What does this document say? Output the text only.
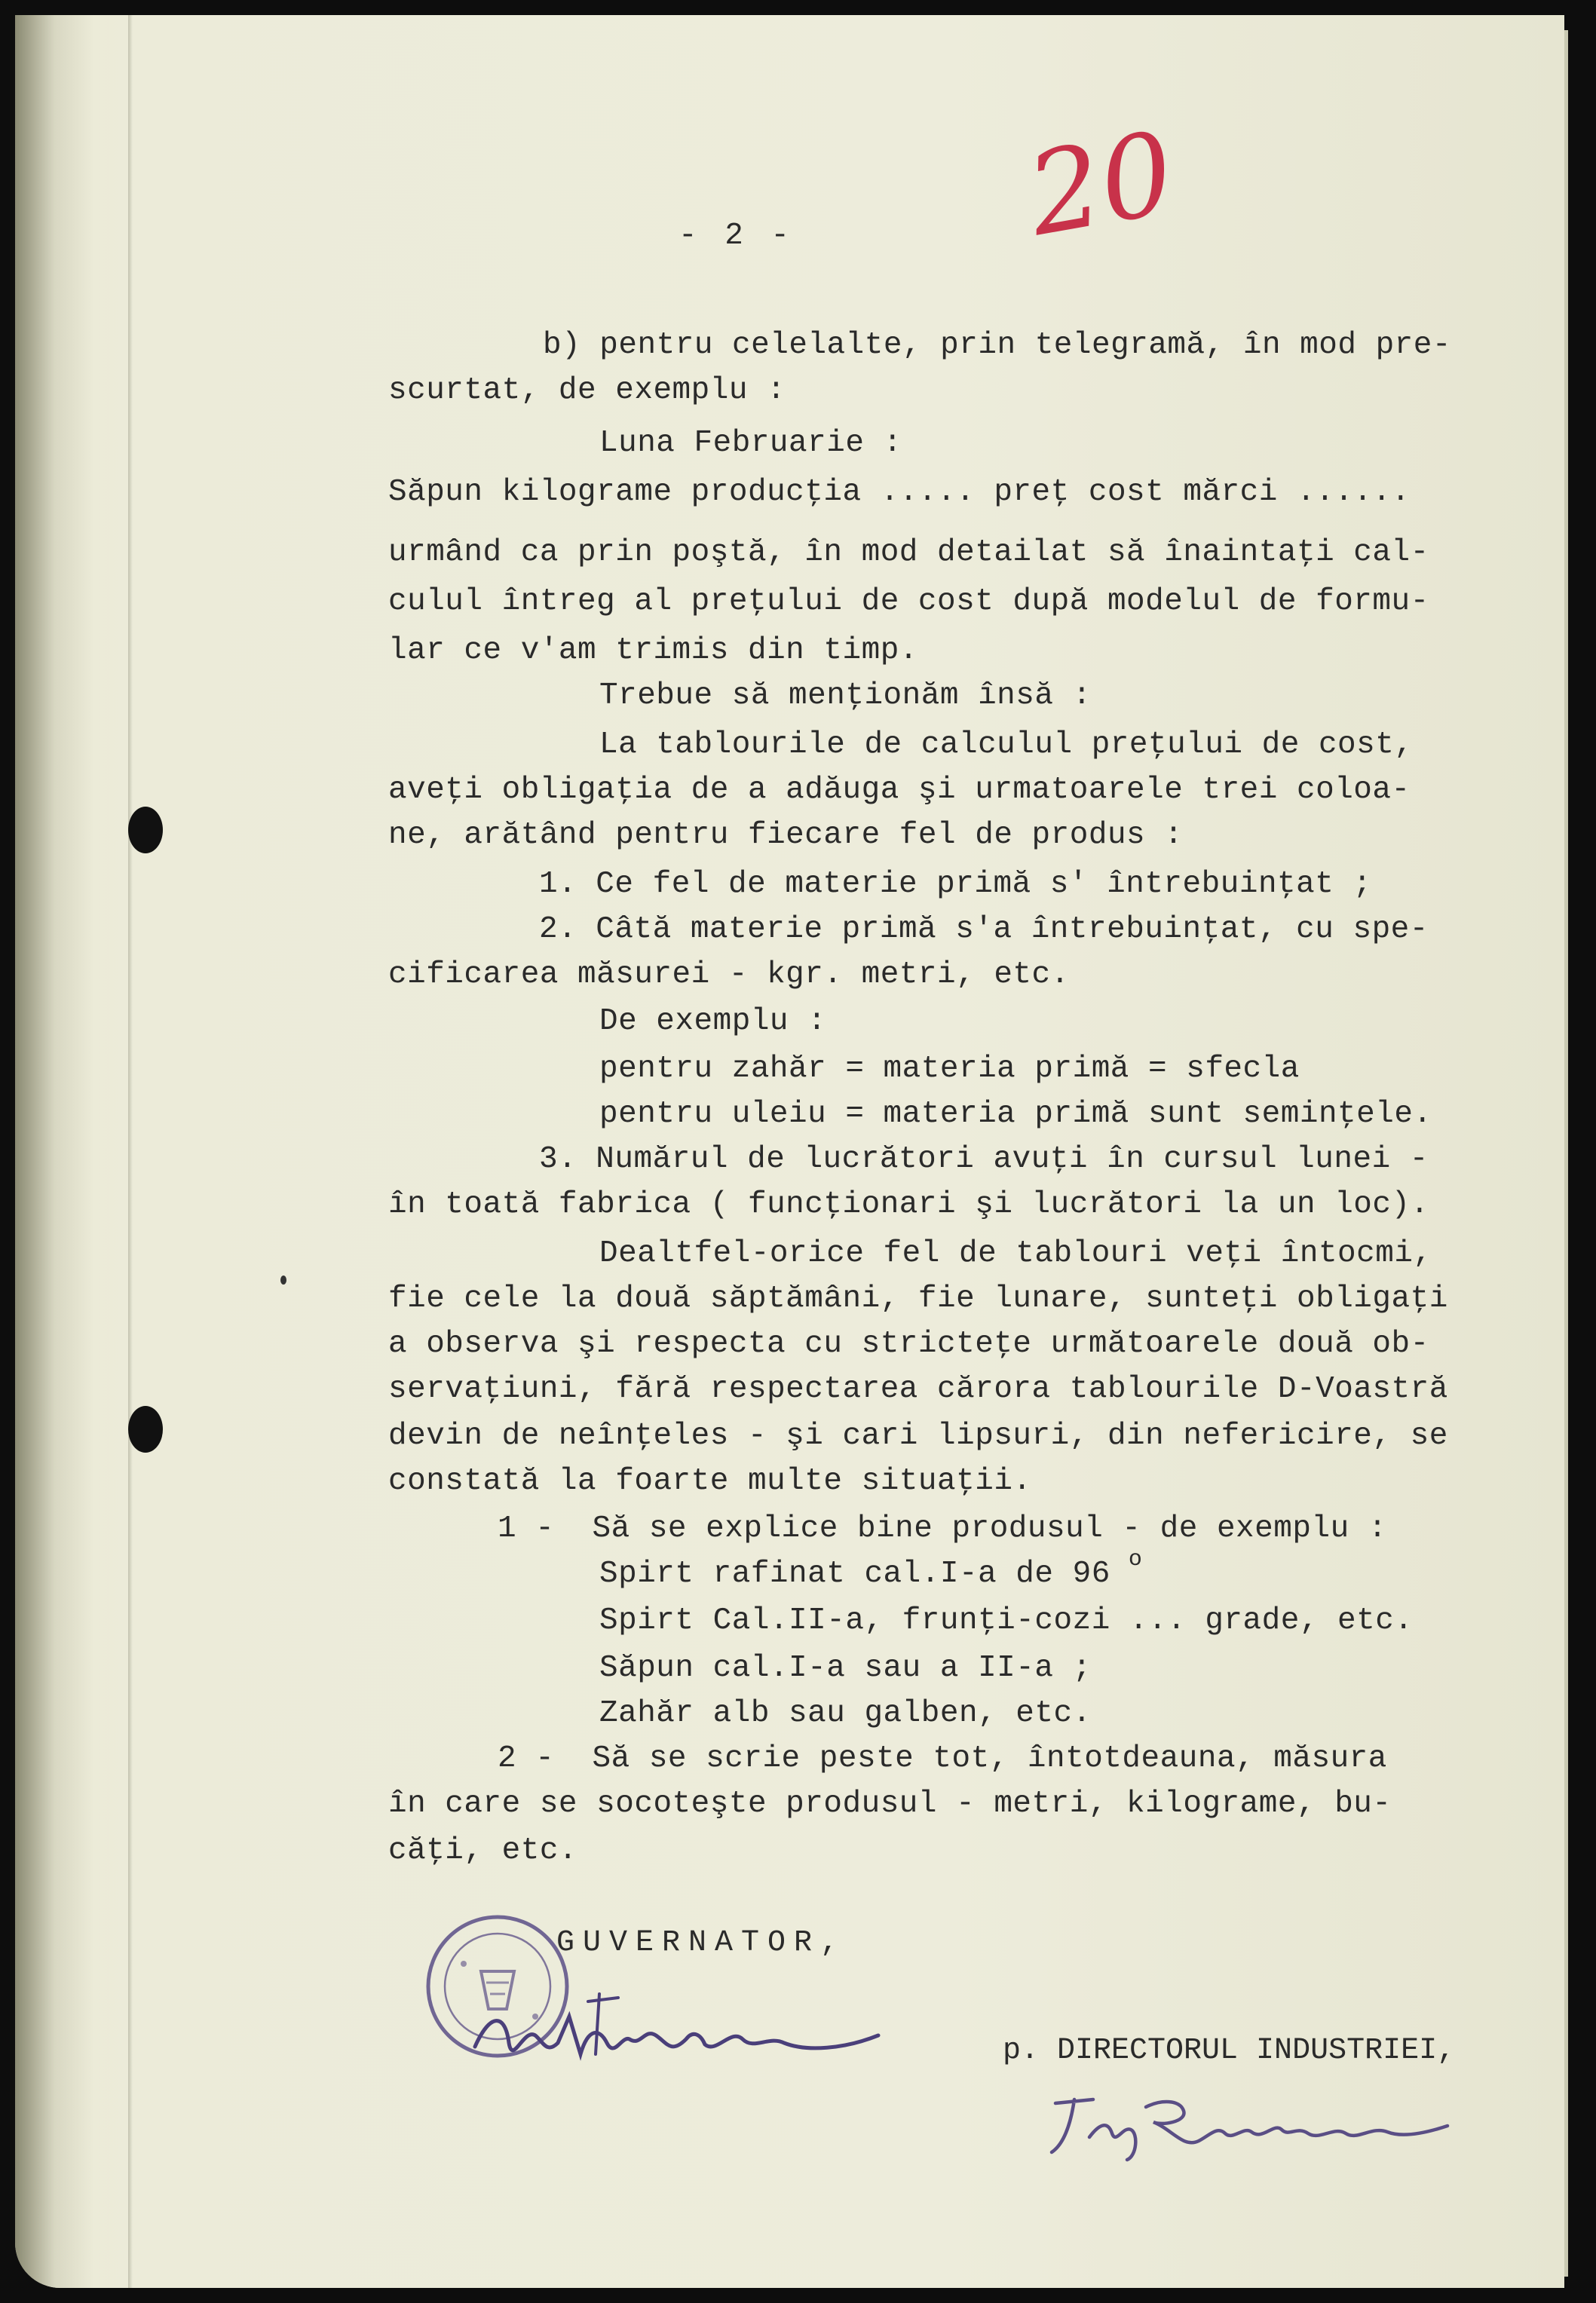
- 2 - 20

b) pentru celelalte, prin telegramă, în mod pre-

scurtat, de exemplu :

Luna Februarie :

Săpun kilograme producţia ..... preţ cost mărci ......

urmând ca prin poştă, în mod detailat să înaintaţi cal-

culul întreg al preţului de cost după modelul de formu-

lar ce v'am trimis din timp.

Trebue să menţionăm însă :

La tablourile de calculul preţului de cost,

aveţi obligaţia de a adăuga şi urmatoarele trei coloa-

ne, arătând pentru fiecare fel de produs :

1. Ce fel de materie primă s' întrebuinţat ;

2. Câtă materie primă s'a întrebuinţat, cu spe-

cificarea măsurei - kgr. metri, etc.

De exemplu :

pentru zahăr = materia primă = sfecla

pentru uleiu = materia primă sunt seminţele.

3. Numărul de lucrători avuţi în cursul lunei -

în toată fabrica ( funcţionari şi lucrători la un loc).

Dealtfel-orice fel de tablouri veţi întocmi,

fie cele la două săptămâni, fie lunare, sunteţi obligaţi

a observa şi respecta cu stricteţe următoarele două ob-

servaţiuni, fără respectarea cărora tablourile D-Voastră

devin de neînţeles - şi cari lipsuri, din nefericire, se

constată la foarte multe situaţii.

1 -  Să se explice bine produsul - de exemplu :

Spirt rafinat cal.I-a de 96 $^o$

Spirt Cal.II-a, frunţi-cozi ... grade, etc.

Săpun cal.I-a sau a II-a ;

Zahăr alb sau galben, etc.

2 -  Să se scrie peste tot, întotdeauna, măsura

în care se socoteşte produsul - metri, kilograme, bu-

căţi, etc.

GUVERNATOR,

p. DIRECTORUL INDUSTRIEI,
